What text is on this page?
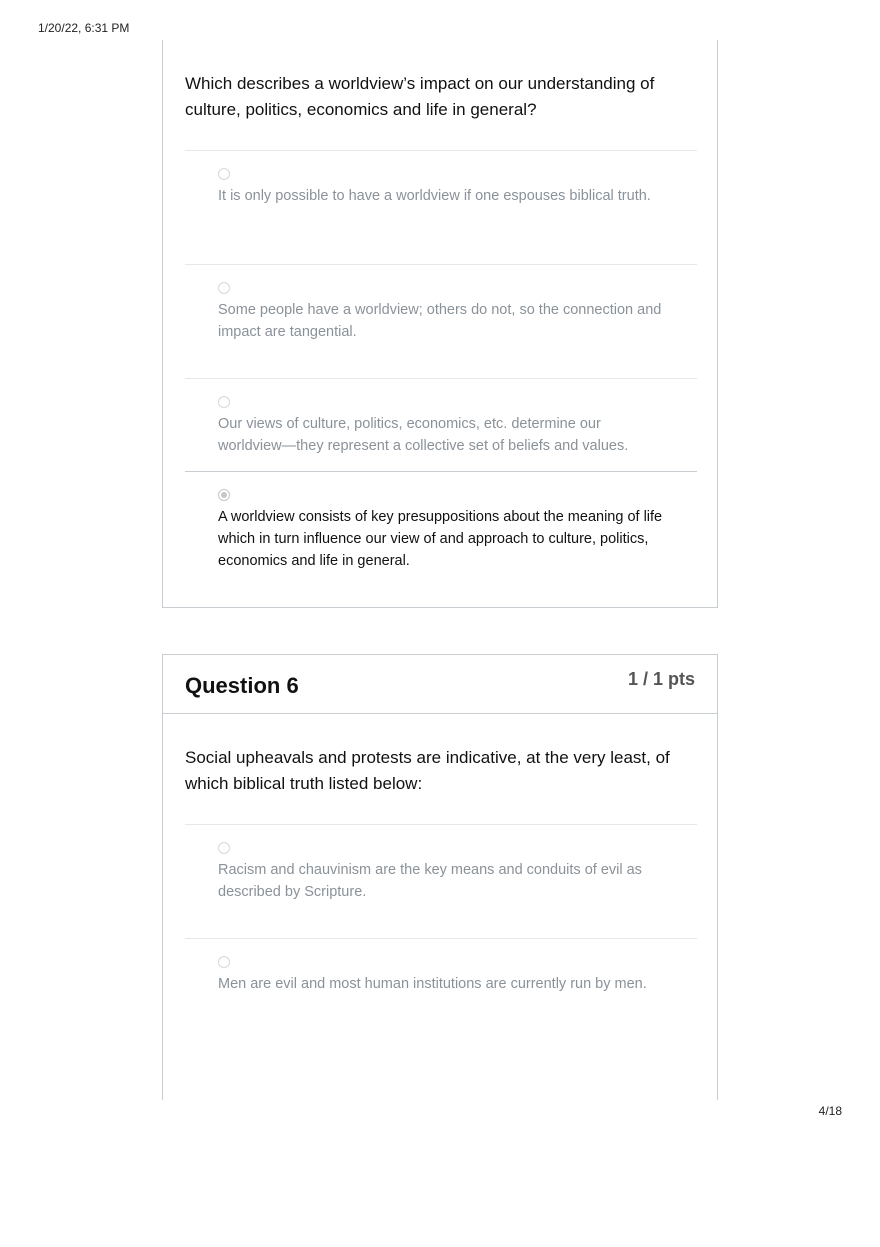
1/20/22, 6:31 PM
Which describes a worldview’s impact on our understanding of culture, politics, economics and life in general?
It is only possible to have a worldview if one espouses biblical truth.
Some people have a worldview; others do not, so the connection and impact are tangential.
Our views of culture, politics, economics, etc. determine our worldview—they represent a collective set of beliefs and values.
A worldview consists of key presuppositions about the meaning of life which in turn influence our view of and approach to culture, politics, economics and life in general.
Question 6	1 / 1 pts
Social upheavals and protests are indicative, at the very least, of which biblical truth listed below:
Racism and chauvinism are the key means and conduits of evil as described by Scripture.
Men are evil and most human institutions are currently run by men.
4/18
